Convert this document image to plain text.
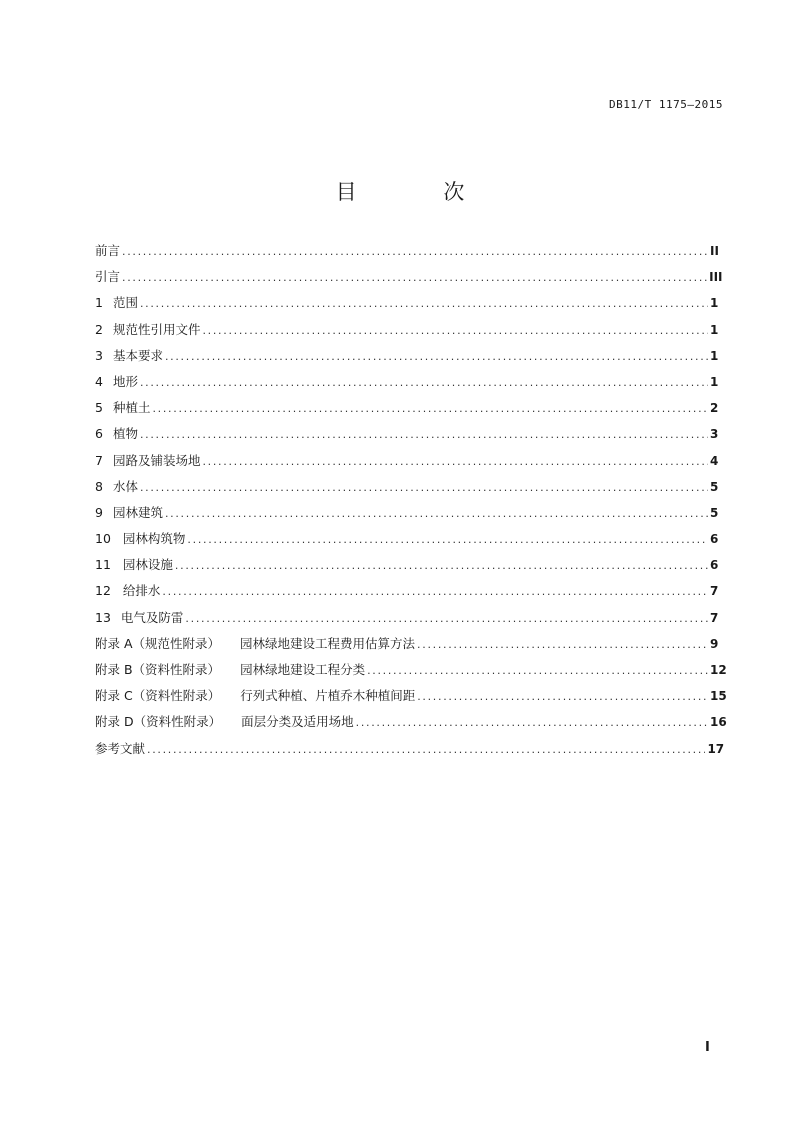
DB11/T 1175—2015
目 次
前言 .....	II
引言 .....	III
1 范围 .....	1
2 规范性引用文件 .....	1
3 基本要求 .....	1
4 地形 .....	1
5 种植土 .....	2
6 植物 .....	3
7 园路及铺装场地 .....	4
8 水体 .....	5
9 园林建筑 .....	5
10 园林构筑物 .....	6
11 园林设施 .....	6
12 给排水 .....	7
13 电气及防雷 .....	7
附录 A（规范性附录） 园林绿地建设工程费用估算方法 .....	9
附录 B（资料性附录） 园林绿地建设工程分类 .....	12
附录 C（资料性附录） 行列式种植、片植乔木种植间距 .....	15
附录 D（资料性附录） 面层分类及适用场地 .....	16
参考文献 .....	17
I
